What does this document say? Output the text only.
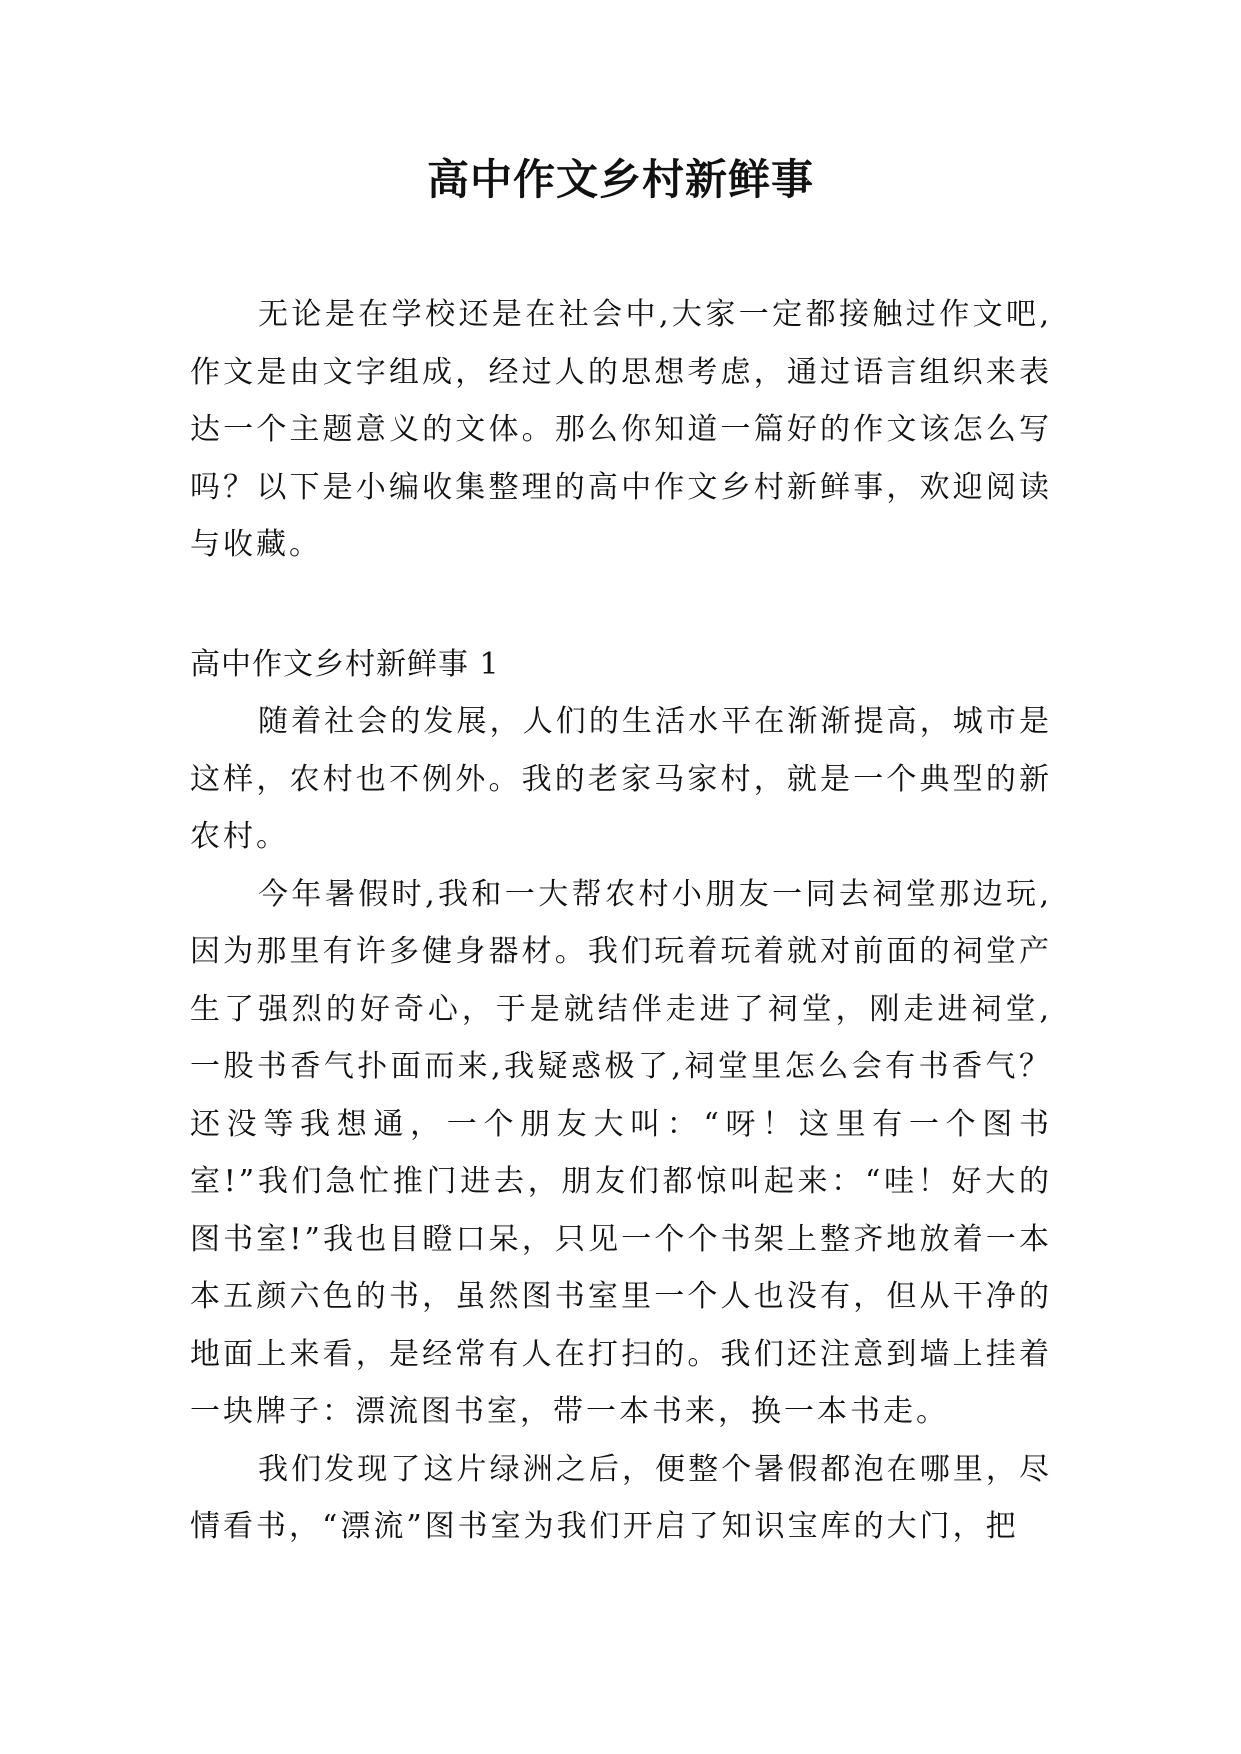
高中作文乡村新鲜事

无论是在学校还是在社会中,大家一定都接触过作文吧,作文是由文字组成，经过人的思想考虑，通过语言组织来表达一个主题意义的文体。那么你知道一篇好的作文该怎么写吗？以下是小编收集整理的高中作文乡村新鲜事，欢迎阅读与收藏。

高中作文乡村新鲜事 1

随着社会的发展，人们的生活水平在渐渐提高，城市是这样，农村也不例外。我的老家马家村，就是一个典型的新农村。

今年暑假时,我和一大帮农村小朋友一同去祠堂那边玩,因为那里有许多健身器材。我们玩着玩着就对前面的祠堂产生了强烈的好奇心，于是就结伴走进了祠堂，刚走进祠堂,一股书香气扑面而来,我疑惑极了,祠堂里怎么会有书香气？还没等我想通，一个朋友大叫：“呀！这里有一个图书室!”我们急忙推门进去，朋友们都惊叫起来：“哇！好大的图书室!”我也目瞪口呆，只见一个个书架上整齐地放着一本本五颜六色的书，虽然图书室里一个人也没有，但从干净的地面上来看，是经常有人在打扫的。我们还注意到墙上挂着一块牌子：漂流图书室，带一本书来，换一本书走。

我们发现了这片绿洲之后，便整个暑假都泡在哪里，尽情看书，“漂流”图书室为我们开启了知识宝库的大门，把
